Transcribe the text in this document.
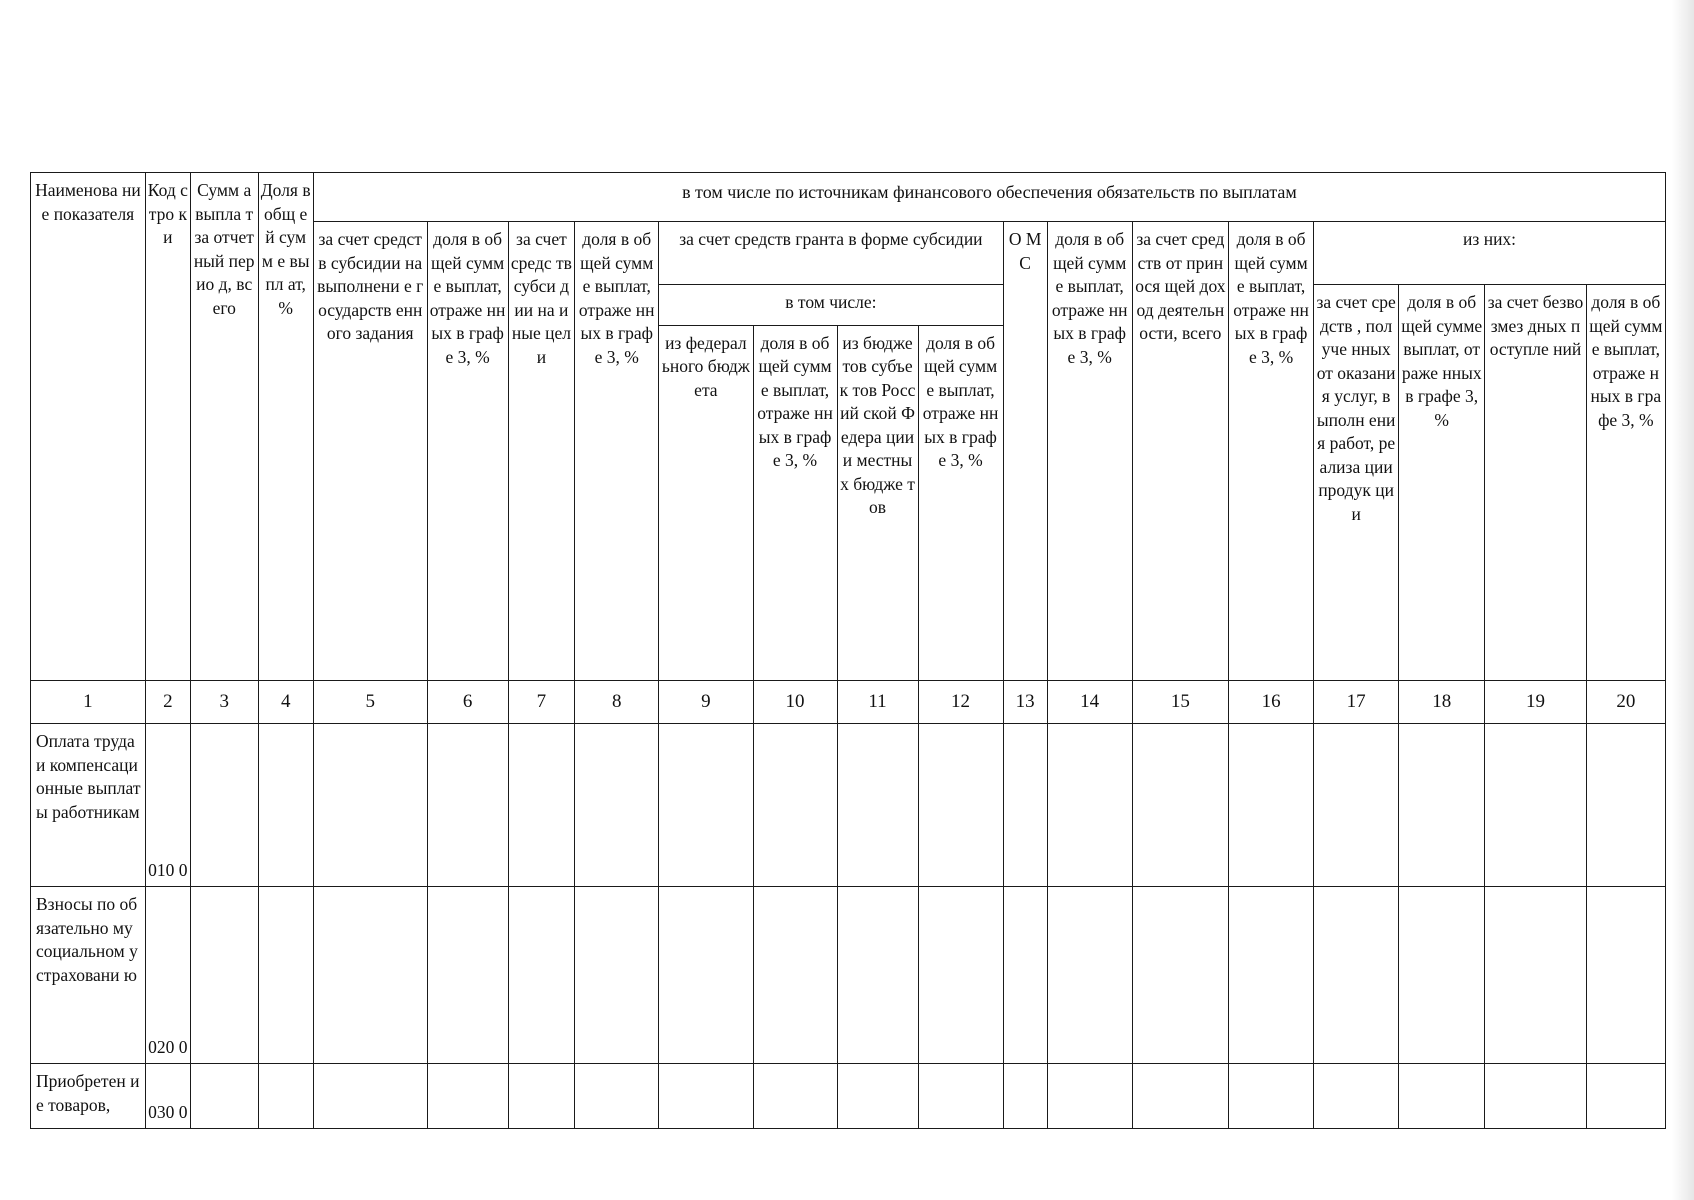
Наименова ние показателя	Код стро ки	Сумм а выпла т за отчет ный перио д, всего	Доля в общ ей сумм е выпл ат, %	в том числе по источникам финансового обеспечения обязательств по выплатам															
				за счет средств субсидии на выполнени е государств енного задания	доля в общей сумме выплат, отраже нных в графе 3, %	за счет средс тв субси дии на иные цели	доля в общей сумме выплат, отраже нных в графе 3, %	за счет средств гранта в форме субсидии				О М С	доля в общей сумме выплат, отраже нных в графе 3, %	за счет средств от принося щей доход деятельн ости, всего	доля в общей сумме выплат, отраже нных в графе 3, %	из них:			
								в том числе:								за счет средств , получе нных от оказани я услуг, выполн ения работ, реализа ции продук ции	доля в общей сумме выплат, отраже нных в графе 3, %	за счет безвозмез дных поступле ний	доля в общей сумме выплат, отраже нных в графе 3, %
								из федерал ьного бюджета	доля в общей сумме выплат, отраже нных в графе 3, %	из бюдже тов субъек тов Россий ской Федера ции и местны х бюдже тов	доля в общей сумме выплат, отраже нных в графе 3, %								
1	2	3	4	5	6	7	8	9	10	11	12	13	14	15	16	17	18	19	20
Оплата труда и компенсаци онные выплаты работникам	010 0																		
Взносы по обязательно му социальном у страховани ю	020 0																		
Приобретен ие товаров,	030 0																		
